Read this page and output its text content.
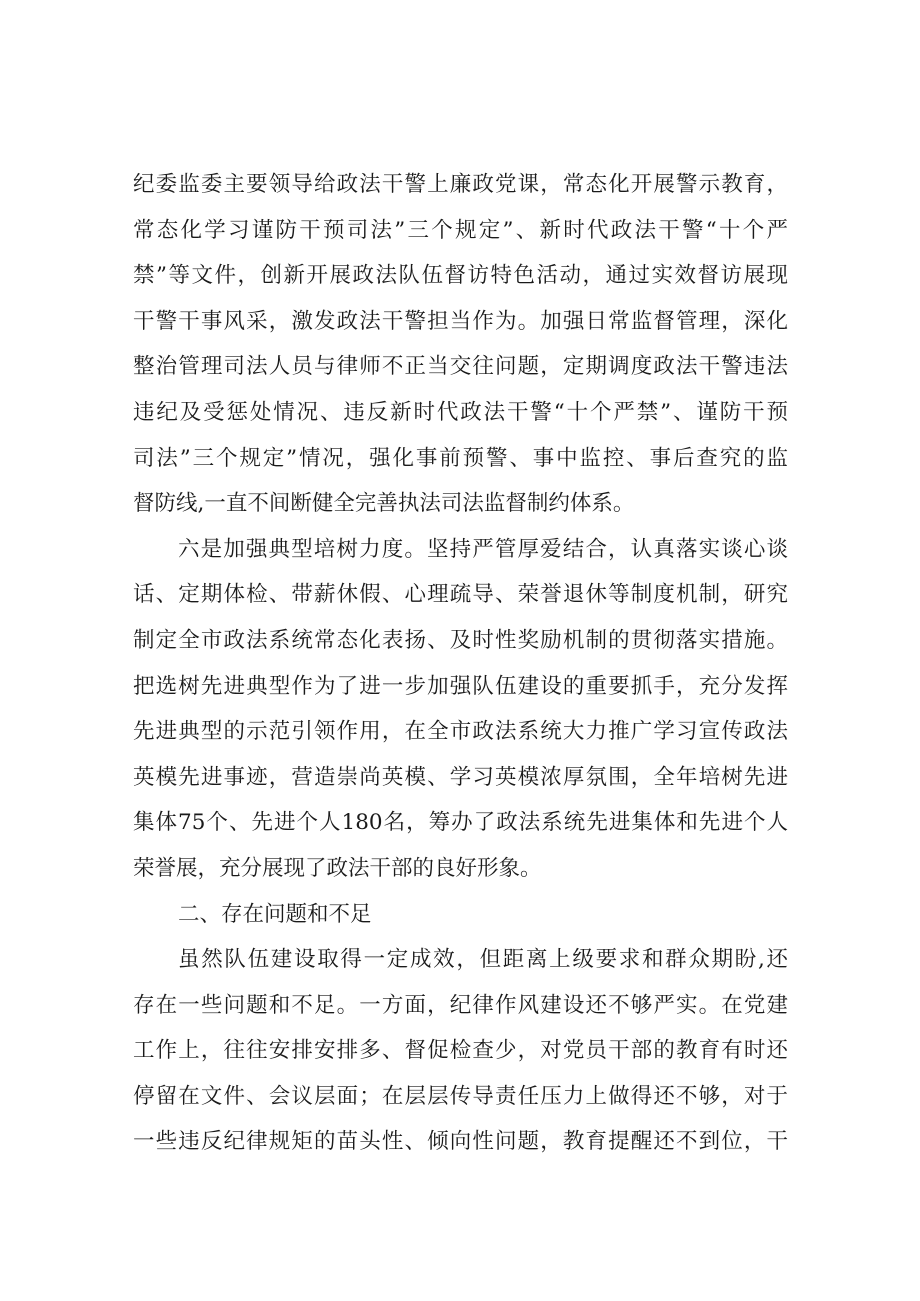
纪委监委主要领导给政法干警上廉政党课，常态化开展警示教育，
常态化学习谨防干预司法”三个规定”、新时代政法干警“十个严
禁”等文件，创新开展政法队伍督访特色活动，通过实效督访展现
干警干事风采，激发政法干警担当作为。加强日常监督管理，深化
整治管理司法人员与律师不正当交往问题，定期调度政法干警违法
违纪及受惩处情况、违反新时代政法干警“十个严禁”、谨防干预
司法”三个规定”情况，强化事前预警、事中监控、事后查究的监
督防线,一直不间断健全完善执法司法监督制约体系。
六是加强典型培树力度。坚持严管厚爱结合，认真落实谈心谈
话、定期体检、带薪休假、心理疏导、荣誉退休等制度机制，研究
制定全市政法系统常态化表扬、及时性奖励机制的贯彻落实措施。
把选树先进典型作为了进一步加强队伍建设的重要抓手，充分发挥
先进典型的示范引领作用，在全市政法系统大力推广学习宣传政法
英模先进事迹，营造崇尚英模、学习英模浓厚氛围，全年培树先进
集体75个、先进个人180名，筹办了政法系统先进集体和先进个人
荣誉展，充分展现了政法干部的良好形象。
二、存在问题和不足
虽然队伍建设取得一定成效，但距离上级要求和群众期盼,还
存在一些问题和不足。一方面，纪律作风建设还不够严实。在党建
工作上，往往安排安排多、督促检查少，对党员干部的教育有时还
停留在文件、会议层面；在层层传导责任压力上做得还不够，对于
一些违反纪律规矩的苗头性、倾向性问题，教育提醒还不到位，干
